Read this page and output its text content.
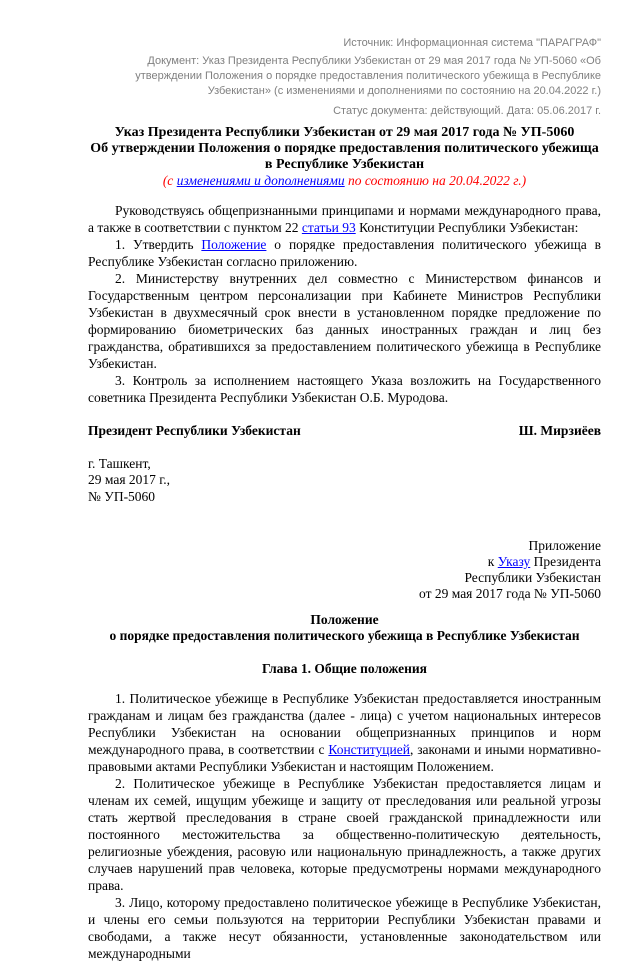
Источник: Информационная система "ПАРАГРАФ"
Документ: Указ Президента Республики Узбекистан от 29 мая 2017 года № УП-5060 «Об утверждении Положения о порядке предоставления политического убежища в Республике Узбекистан» (с изменениями и дополнениями по состоянию на 20.04.2022 г.)
Статус документа: действующий. Дата: 05.06.2017 г.
Указ Президента Республики Узбекистан от 29 мая 2017 года № УП-5060
Об утверждении Положения о порядке предоставления политического убежища в Республике Узбекистан
(с изменениями и дополнениями по состоянию на 20.04.2022 г.)

Руководствуясь общепризнанными принципами и нормами международного права, а также в соответствии с пунктом 22 статьи 93 Конституции Республики Узбекистан:

1. Утвердить Положение о порядке предоставления политического убежища в Республике Узбекистан согласно приложению.

2. Министерству внутренних дел совместно с Министерством финансов и Государственным центром персонализации при Кабинете Министров Республики Узбекистан в двухмесячный срок внести в установленном порядке предложение по формированию биометрических баз данных иностранных граждан и лиц без гражданства, обратившихся за предоставлением политического убежища в Республике Узбекистан.

3. Контроль за исполнением настоящего Указа возложить на Государственного советника Президента Республики Узбекистан О.Б. Муродова.

Президент Республики Узбекистан	Ш. Мирзиёев
г. Ташкент,
29 мая 2017 г.,
№ УП-5060
Приложение
к Указу Президента
Республики Узбекистан
от 29 мая 2017 года № УП-5060
Положение
о порядке предоставления политического убежища в Республике Узбекистан
Глава 1. Общие положения

1. Политическое убежище в Республике Узбекистан предоставляется иностранным гражданам и лицам без гражданства (далее - лица) с учетом национальных интересов Республики Узбекистан на основании общепризнанных принципов и норм международного права, в соответствии с Конституцией, законами и иными нормативно-правовыми актами Республики Узбекистан и настоящим Положением.

2. Политическое убежище в Республике Узбекистан предоставляется лицам и членам их семей, ищущим убежище и защиту от преследования или реальной угрозы стать жертвой преследования в стране своей гражданской принадлежности или постоянного местожительства за общественно-политическую деятельность, религиозные убеждения, расовую или национальную принадлежность, а также других случаев нарушений прав человека, которые предусмотрены нормами международного права.

3. Лицо, которому предоставлено политическое убежище в Республике Узбекистан, и члены его семьи пользуются на территории Республики Узбекистан правами и свободами, а также несут обязанности, установленные законодательством или международными
